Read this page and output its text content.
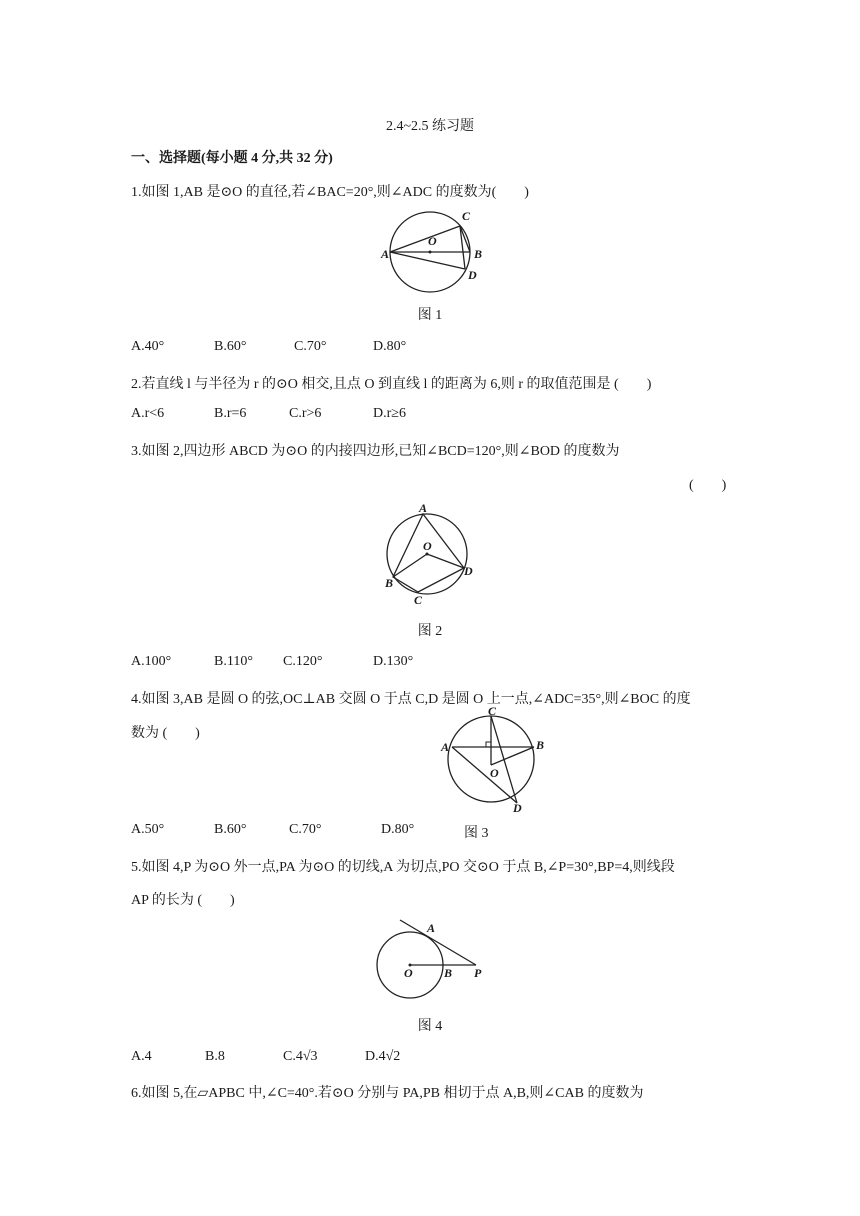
2.4~2.5 练习题
一、选择题(每小题 4 分,共 32 分)
1.如图 1,AB 是⊙O 的直径,若∠BAC=20°,则∠ADC 的度数为(　　)
A
O
C
B
D
图 1
A.40°	B.60°	C.70°	D.80°
2.若直线 l 与半径为 r 的⊙O 相交,且点 O 到直线 l 的距离为 6,则 r 的取值范围是 (　　)
A.r<6	B.r=6	C.r>6	D.r≥6
3.如图 2,四边形 ABCD 为⊙O 的内接四边形,已知∠BCD=120°,则∠BOD 的度数为
(　　)
A
O
B
C
D
图 2
A.100°	B.110° C.120°	D.130°
4.如图 3,AB 是圆 O 的弦,OC⊥AB 交圆 O 于点 C,D 是圆 O 上一点,∠ADC=35°,则∠BOC 的度
数为 (　　)
C
A	B
O
D
A.50°	B.60°	C.70°	D.80°	图 3
5.如图 4,P 为⊙O 外一点,PA 为⊙O 的切线,A 为切点,PO 交⊙O 于点 B,∠P=30°,BP=4,则线段
AP 的长为 (　　)
A
O	B P
图 4
A.4	B.8	C.4√3	D.4√2
6.如图 5,在▱APBC 中,∠C=40°.若⊙O 分别与 PA,PB 相切于点 A,B,则∠CAB 的度数为
